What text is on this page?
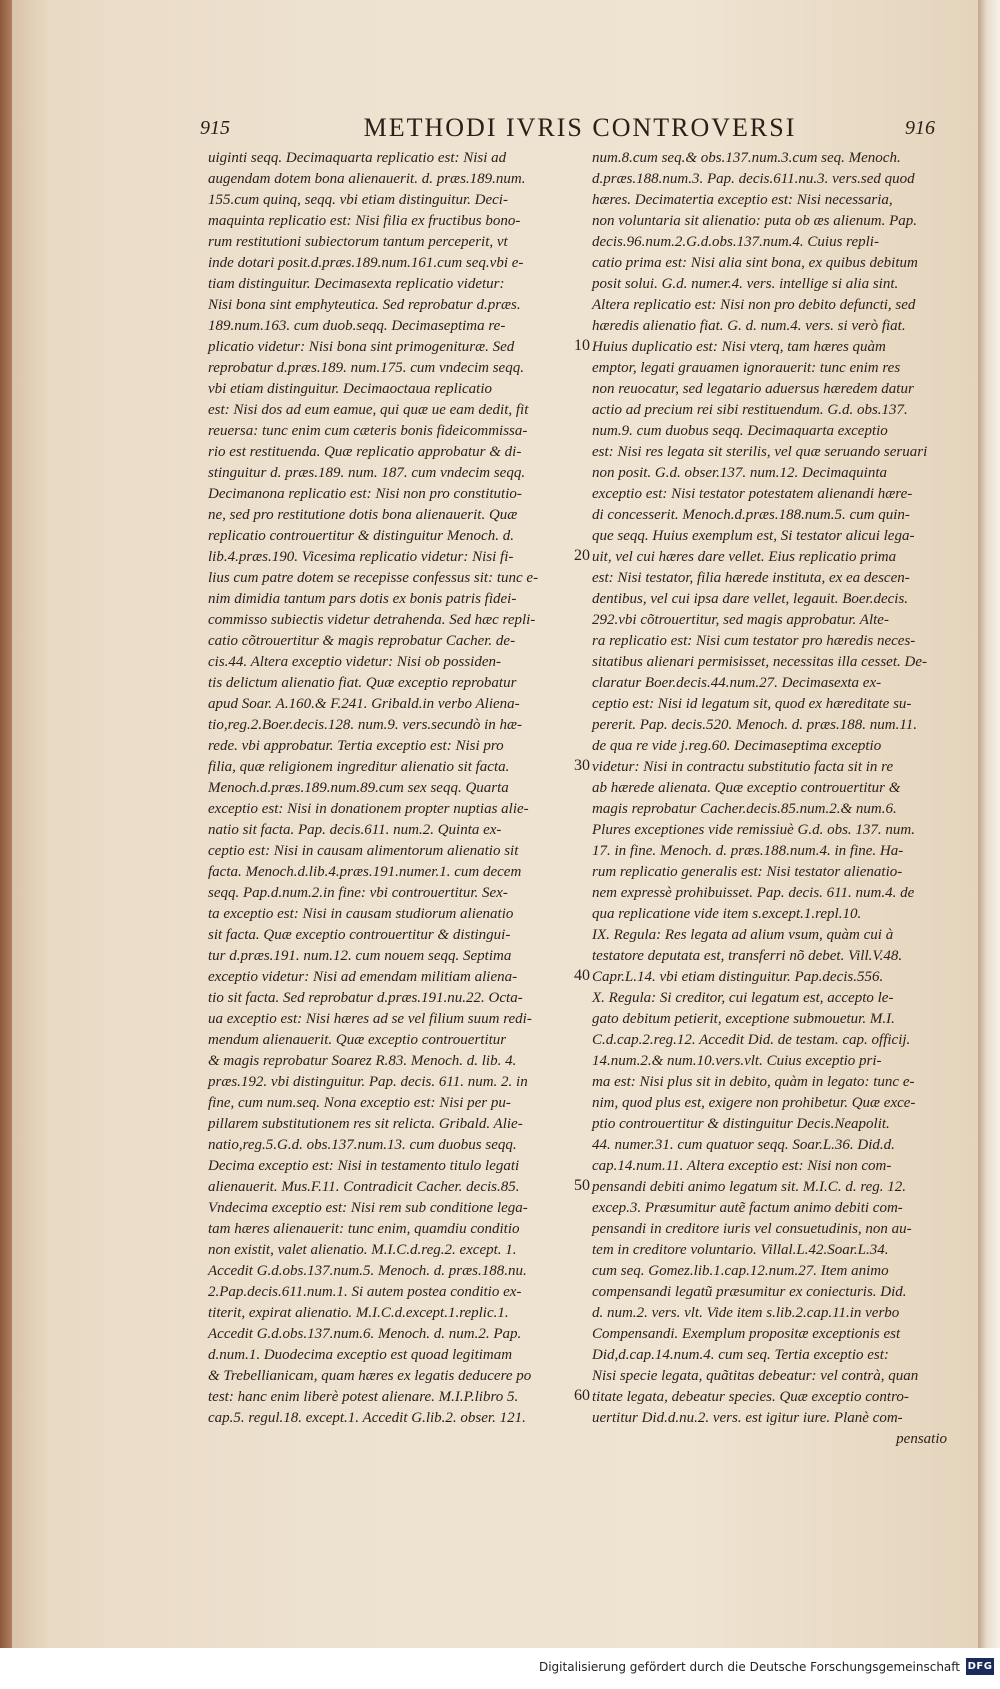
915	METHODI IVRIS CONTROVERSI	916
uiginti seqq. Decimaquarta replicatio est: Nisi ad
augendam dotem bona alienauerit. d. præs.189.num.
155.cum quinq, seqq. vbi etiam distinguitur. Deci-
maquinta replicatio est: Nisi filia ex fructibus bono-
rum restitutioni subiectorum tantum perceperit, vt
inde dotari posit.d.præs.189.num.161.cum seq.vbi e-
tiam distinguitur. Decimasexta replicatio videtur:
Nisi bona sint emphyteutica. Sed reprobatur d.præs.
189.num.163. cum duob.seqq. Decimaseptima re-
plicatio videtur: Nisi bona sint primogenituræ. Sed
reprobatur d.præs.189. num.175. cum vndecim seqq.
vbi etiam distinguitur. Decimaoctaua replicatio
est: Nisi dos ad eum eamue, qui quæ ue eam dedit, fit
reuersa: tunc enim cum cæteris bonis fideicommissa-
rio est restituenda. Quæ replicatio approbatur & di-
stinguitur d. præs.189. num. 187. cum vndecim seqq.
Decimanona replicatio est: Nisi non pro constitutio-
ne, sed pro restitutione dotis bona alienauerit. Quæ
replicatio controuertitur & distinguitur Menoch. d.
lib.4.præs.190. Vicesima replicatio videtur: Nisi fi-
lius cum patre dotem se recepisse confessus sit: tunc e-
nim dimidia tantum pars dotis ex bonis patris fidei-
commisso subiectis videtur detrahenda. Sed hæc repli-
catio cõtrouertitur & magis reprobatur Cacher. de-
cis.44. Altera exceptio videtur: Nisi ob possiden-
tis delictum alienatio fiat. Quæ exceptio reprobatur
apud Soar. A.160.& F.241. Gribald.in verbo Aliena-
tio,reg.2.Boer.decis.128. num.9. vers.secundò in hæ-
rede. vbi approbatur. Tertia exceptio est: Nisi pro
filia, quæ religionem ingreditur alienatio sit facta.
Menoch.d.præs.189.num.89.cum sex seqq. Quarta
exceptio est: Nisi in donationem propter nuptias alie-
natio sit facta. Pap. decis.611. num.2. Quinta ex-
ceptio est: Nisi in causam alimentorum alienatio sit
facta. Menoch.d.lib.4.præs.191.numer.1. cum decem
seqq. Pap.d.num.2.in fine: vbi controuertitur. Sex-
ta exceptio est: Nisi in causam studiorum alienatio
sit facta. Quæ exceptio controuertitur & distingui-
tur d.præs.191. num.12. cum nouem seqq. Septima
exceptio videtur: Nisi ad emendam militiam aliena-
tio sit facta. Sed reprobatur d.præs.191.nu.22. Octa-
ua exceptio est: Nisi hæres ad se vel filium suum redi-
mendum alienauerit. Quæ exceptio controuertitur
& magis reprobatur Soarez R.83. Menoch. d. lib. 4.
præs.192. vbi distinguitur. Pap. decis. 611. num. 2. in
fine, cum num.seq. Nona exceptio est: Nisi per pu-
pillarem substitutionem res sit relicta. Gribald. Alie-
natio,reg.5.G.d. obs.137.num.13. cum duobus seqq.
Decima exceptio est: Nisi in testamento titulo legati
alienauerit. Mus.F.11. Contradicit Cacher. decis.85.
Vndecima exceptio est: Nisi rem sub conditione lega-
tam hæres alienauerit: tunc enim, quamdiu conditio
non existit, valet alienatio. M.I.C.d.reg.2. except. 1.
Accedit G.d.obs.137.num.5. Menoch. d. præs.188.nu.
2.Pap.decis.611.num.1. Si autem postea conditio ex-
titerit, expirat alienatio. M.I.C.d.except.1.replic.1.
Accedit G.d.obs.137.num.6. Menoch. d. num.2. Pap.
d.num.1. Duodecima exceptio est quoad legitimam
& Trebellianicam, quam hæres ex legatis deducere po
test: hanc enim liberè potest alienare. M.I.P.libro 5.
cap.5. regul.18. except.1. Accedit G.lib.2. obser. 121.
num.8.cum seq.& obs.137.num.3.cum seq. Menoch.
d.præs.188.num.3. Pap. decis.611.nu.3. vers.sed quod
hæres. Decimatertia exceptio est: Nisi necessaria,
non voluntaria sit alienatio: puta ob æs alienum. Pap.
decis.96.num.2.G.d.obs.137.num.4. Cuius repli-
catio prima est: Nisi alia sint bona, ex quibus debitum
posit solui. G.d. numer.4. vers. intellige si alia sint.
Altera replicatio est: Nisi non pro debito defuncti, sed
hæredis alienatio fiat. G. d. num.4. vers. si verò fiat.
Huius duplicatio est: Nisi vterq, tam hæres quàm
emptor, legati grauamen ignorauerit: tunc enim res
non reuocatur, sed legatario aduersus hæredem datur
actio ad precium rei sibi restituendum. G.d. obs.137.
num.9. cum duobus seqq. Decimaquarta exceptio
est: Nisi res legata sit sterilis, vel quæ seruando seruari
non posit. G.d. obser.137. num.12. Decimaquinta
exceptio est: Nisi testator potestatem alienandi hære-
di concesserit. Menoch.d.præs.188.num.5. cum quin-
que seqq. Huius exemplum est, Si testator alicui lega-
uit, vel cui hæres dare vellet. Eius replicatio prima
est: Nisi testator, filia hærede instituta, ex ea descen-
dentibus, vel cui ipsa dare vellet, legauit. Boer.decis.
292.vbi cõtrouertitur, sed magis approbatur. Alte-
ra replicatio est: Nisi cum testator pro hæredis neces-
sitatibus alienari permisisset, necessitas illa cesset. De-
claratur Boer.decis.44.num.27. Decimasexta ex-
ceptio est: Nisi id legatum sit, quod ex hæreditate su-
pererit. Pap. decis.520. Menoch. d. præs.188. num.11.
de qua re vide j.reg.60. Decimaseptima exceptio
videtur: Nisi in contractu substitutio facta sit in re
ab hærede alienata. Quæ exceptio controuertitur &
magis reprobatur Cacher.decis.85.num.2.& num.6.
Plures exceptiones vide remissiuè G.d. obs. 137. num.
17. in fine. Menoch. d. præs.188.num.4. in fine. Ha-
rum replicatio generalis est: Nisi testator alienatio-
nem expressè prohibuisset. Pap. decis. 611. num.4. de
qua replicatione vide item s.except.1.repl.10.
IX. Regula: Res legata ad alium vsum, quàm cui à
testatore deputata est, transferri nõ debet. Vill.V.48.
Capr.L.14. vbi etiam distinguitur. Pap.decis.556.
X. Regula: Si creditor, cui legatum est, accepto le-
gato debitum petierit, exceptione submouetur. M.I.
C.d.cap.2.reg.12. Accedit Did. de testam. cap. officij.
14.num.2.& num.10.vers.vlt. Cuius exceptio pri-
ma est: Nisi plus sit in debito, quàm in legato: tunc e-
nim, quod plus est, exigere non prohibetur. Quæ exce-
ptio controuertitur & distinguitur Decis.Neapolit.
44. numer.31. cum quatuor seqq. Soar.L.36. Did.d.
cap.14.num.11. Altera exceptio est: Nisi non com-
pensandi debiti animo legatum sit. M.I.C. d. reg. 12.
excep.3. Præsumitur autẽ factum animo debiti com-
pensandi in creditore iuris vel consuetudinis, non au-
tem in creditore voluntario. Villal.L.42.Soar.L.34.
cum seq. Gomez.lib.1.cap.12.num.27. Item animo
compensandi legatũ præsumitur ex coniecturis. Did.
d. num.2. vers. vlt. Vide item s.lib.2.cap.11.in verbo
Compensandi. Exemplum propositæ exceptionis est
Did,d.cap.14.num.4. cum seq. Tertia exceptio est:
Nisi specie legata, quãtitas debeatur: vel contrà, quan
titate legata, debeatur species. Quæ exceptio contro-
uertitur Did.d.nu.2. vers. est igitur iure. Planè com-
pensatio
10
20
30
40
50
60
Digitalisierung gefördert durch die Deutsche Forschungsgemeinschaft DFG
